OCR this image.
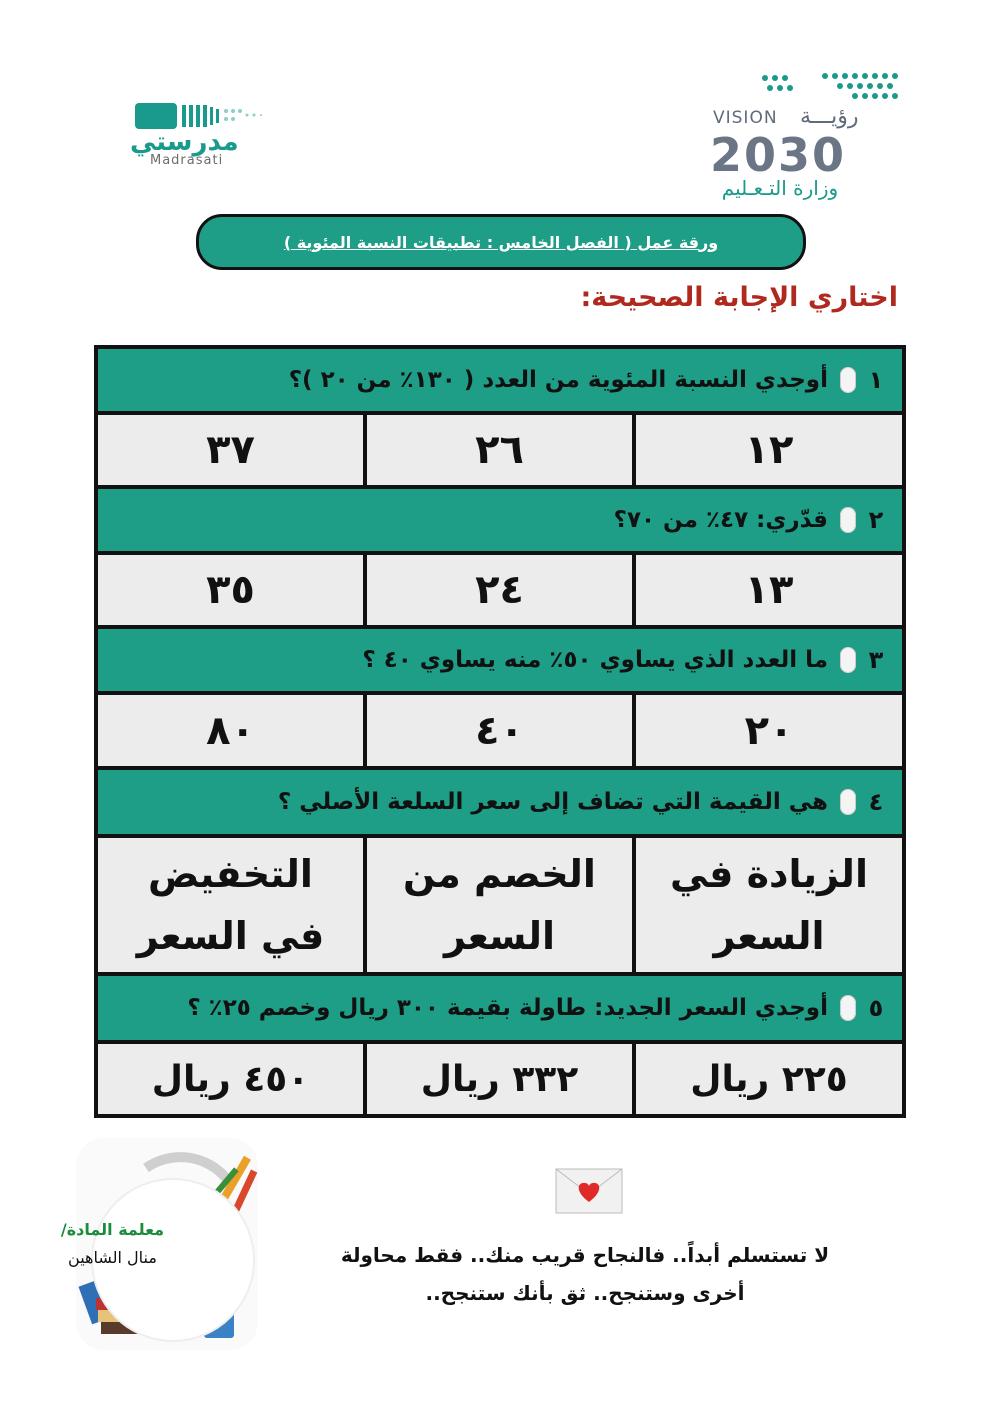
مدرستي
Madrasati
VISION رؤيـــة
2030
وزارة التـعـليم
ورقة عمل ( الفصل الخامس : تطبيقات النسبة المئوية )
اختاري الإجابة الصحيحة:
١
أوجدي النسبة المئوية من العدد ( ١٣٠٪ من ٢٠ )؟
١٢
٢٦
٣٧
٢
قدّري: ٤٧٪ من ٧٠؟
١٣
٢٤
٣٥
٣
ما العدد الذي يساوي ٥٠٪ منه يساوي ٤٠ ؟
٢٠
٤٠
٨٠
٤
هي القيمة التي تضاف إلى سعر السلعة الأصلي ؟
الزيادة في السعر
الخصم من السعر
التخفيض في السعر
٥
أوجدي السعر الجديد: طاولة بقيمة ٣٠٠ ريال وخصم ٢٥٪ ؟
٢٢٥ ريال
٣٣٢ ريال
٤٥٠ ريال
معلمة المادة/
منال الشاهين	لا تستسلم أبداً.. فالنجاح قريب منك.. فقط محاولة أخرى وستنجح.. ثق بأنك ستنجح..
